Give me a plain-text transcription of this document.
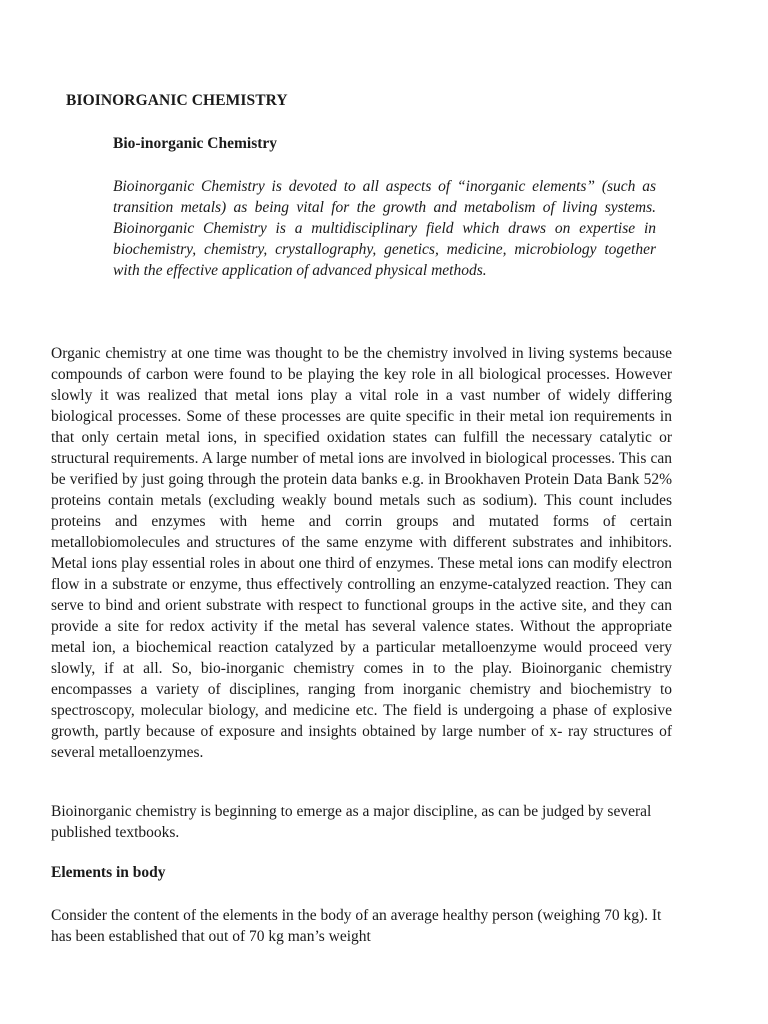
BIOINORGANIC CHEMISTRY
Bio-inorganic Chemistry

Bioinorganic Chemistry is devoted to all aspects of “inorganic elements” (such as transition metals) as being vital for the growth and metabolism of living systems. Bioinorganic Chemistry is a multidisciplinary field which draws on expertise in biochemistry, chemistry, crystallography, genetics, medicine, microbiology together with the effective application of advanced physical methods.

Organic chemistry at one time was thought to be the chemistry involved in living systems because compounds of carbon were found to be playing the key role in all biological processes. However slowly it was realized that metal ions play a vital role in a vast number of widely differing biological processes. Some of these processes are quite specific in their metal ion requirements in that only certain metal ions, in specified oxidation states can fulfill the necessary catalytic or structural requirements. A large number of metal ions are involved in biological processes. This can be verified by just going through the protein data banks e.g. in Brookhaven Protein Data Bank 52% proteins contain metals (excluding weakly bound metals such as sodium). This count includes proteins and enzymes with heme and corrin groups and mutated forms of certain metallobiomolecules and structures of the same enzyme with different substrates and inhibitors. Metal ions play essential roles in about one third of enzymes. These metal ions can modify electron flow in a substrate or enzyme, thus effectively controlling an enzyme-catalyzed reaction. They can serve to bind and orient substrate with respect to functional groups in the active site, and they can provide a site for redox activity if the metal has several valence states. Without the appropriate metal ion, a biochemical reaction catalyzed by a particular metalloenzyme would proceed very slowly, if at all. So, bio-inorganic chemistry comes in to the play. Bioinorganic chemistry encompasses a variety of disciplines, ranging from inorganic chemistry and biochemistry to spectroscopy, molecular biology, and medicine etc. The field is undergoing a phase of explosive growth, partly because of exposure and insights obtained by large number of x- ray structures of several metalloenzymes.

Bioinorganic chemistry is beginning to emerge as a major discipline, as can be judged by several published textbooks.

Elements in body

Consider the content of the elements in the body of an average healthy person (weighing 70 kg). It has been established that out of 70 kg man’s weight
